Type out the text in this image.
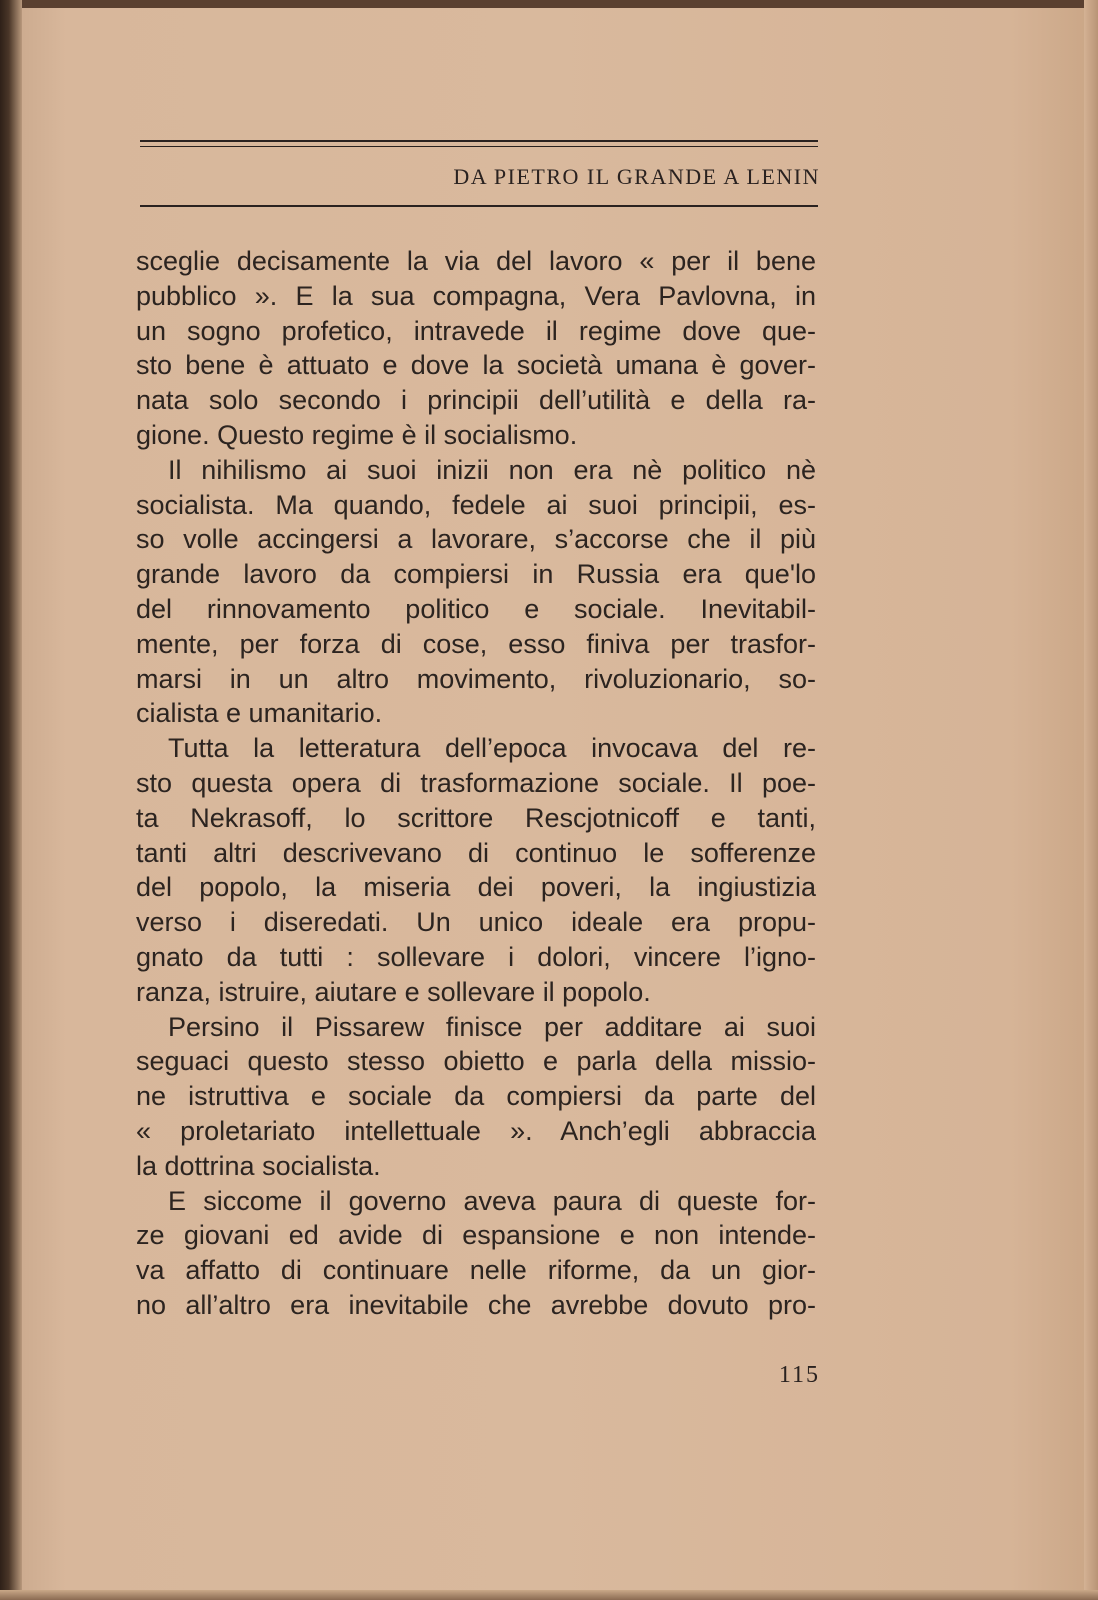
DA PIETRO IL GRANDE A LENIN
sceglie decisamente la via del lavoro « per il bene
pubblico ». E la sua compagna, Vera Pavlovna, in
un sogno profetico, intravede il regime dove que-
sto bene è attuato e dove la società umana è gover-
nata solo secondo i principii dell’utilità e della ra-
gione. Questo regime è il socialismo.
Il nihilismo ai suoi inizii non era nè politico nè
socialista. Ma quando, fedele ai suoi principii, es-
so volle accingersi a lavorare, s’accorse che il più
grande lavoro da compiersi in Russia era que'lo
del rinnovamento politico e sociale. Inevitabil-
mente, per forza di cose, esso finiva per trasfor-
marsi in un altro movimento, rivoluzionario, so-
cialista e umanitario.
Tutta la letteratura dell’epoca invocava del re-
sto questa opera di trasformazione sociale. Il poe-
ta Nekrasoff, lo scrittore Rescjotnicoff e tanti,
tanti altri descrivevano di continuo le sofferenze
del popolo, la miseria dei poveri, la ingiustizia
verso i diseredati. Un unico ideale era propu-
gnato da tutti : sollevare i dolori, vincere l’igno-
ranza, istruire, aiutare e sollevare il popolo.
Persino il Pissarew finisce per additare ai suoi
seguaci questo stesso obietto e parla della missio-
ne istruttiva e sociale da compiersi da parte del
« proletariato intellettuale ». Anch’egli abbraccia
la dottrina socialista.
E siccome il governo aveva paura di queste for-
ze giovani ed avide di espansione e non intende-
va affatto di continuare nelle riforme, da un gior-
no all’altro era inevitabile che avrebbe dovuto pro-
115
